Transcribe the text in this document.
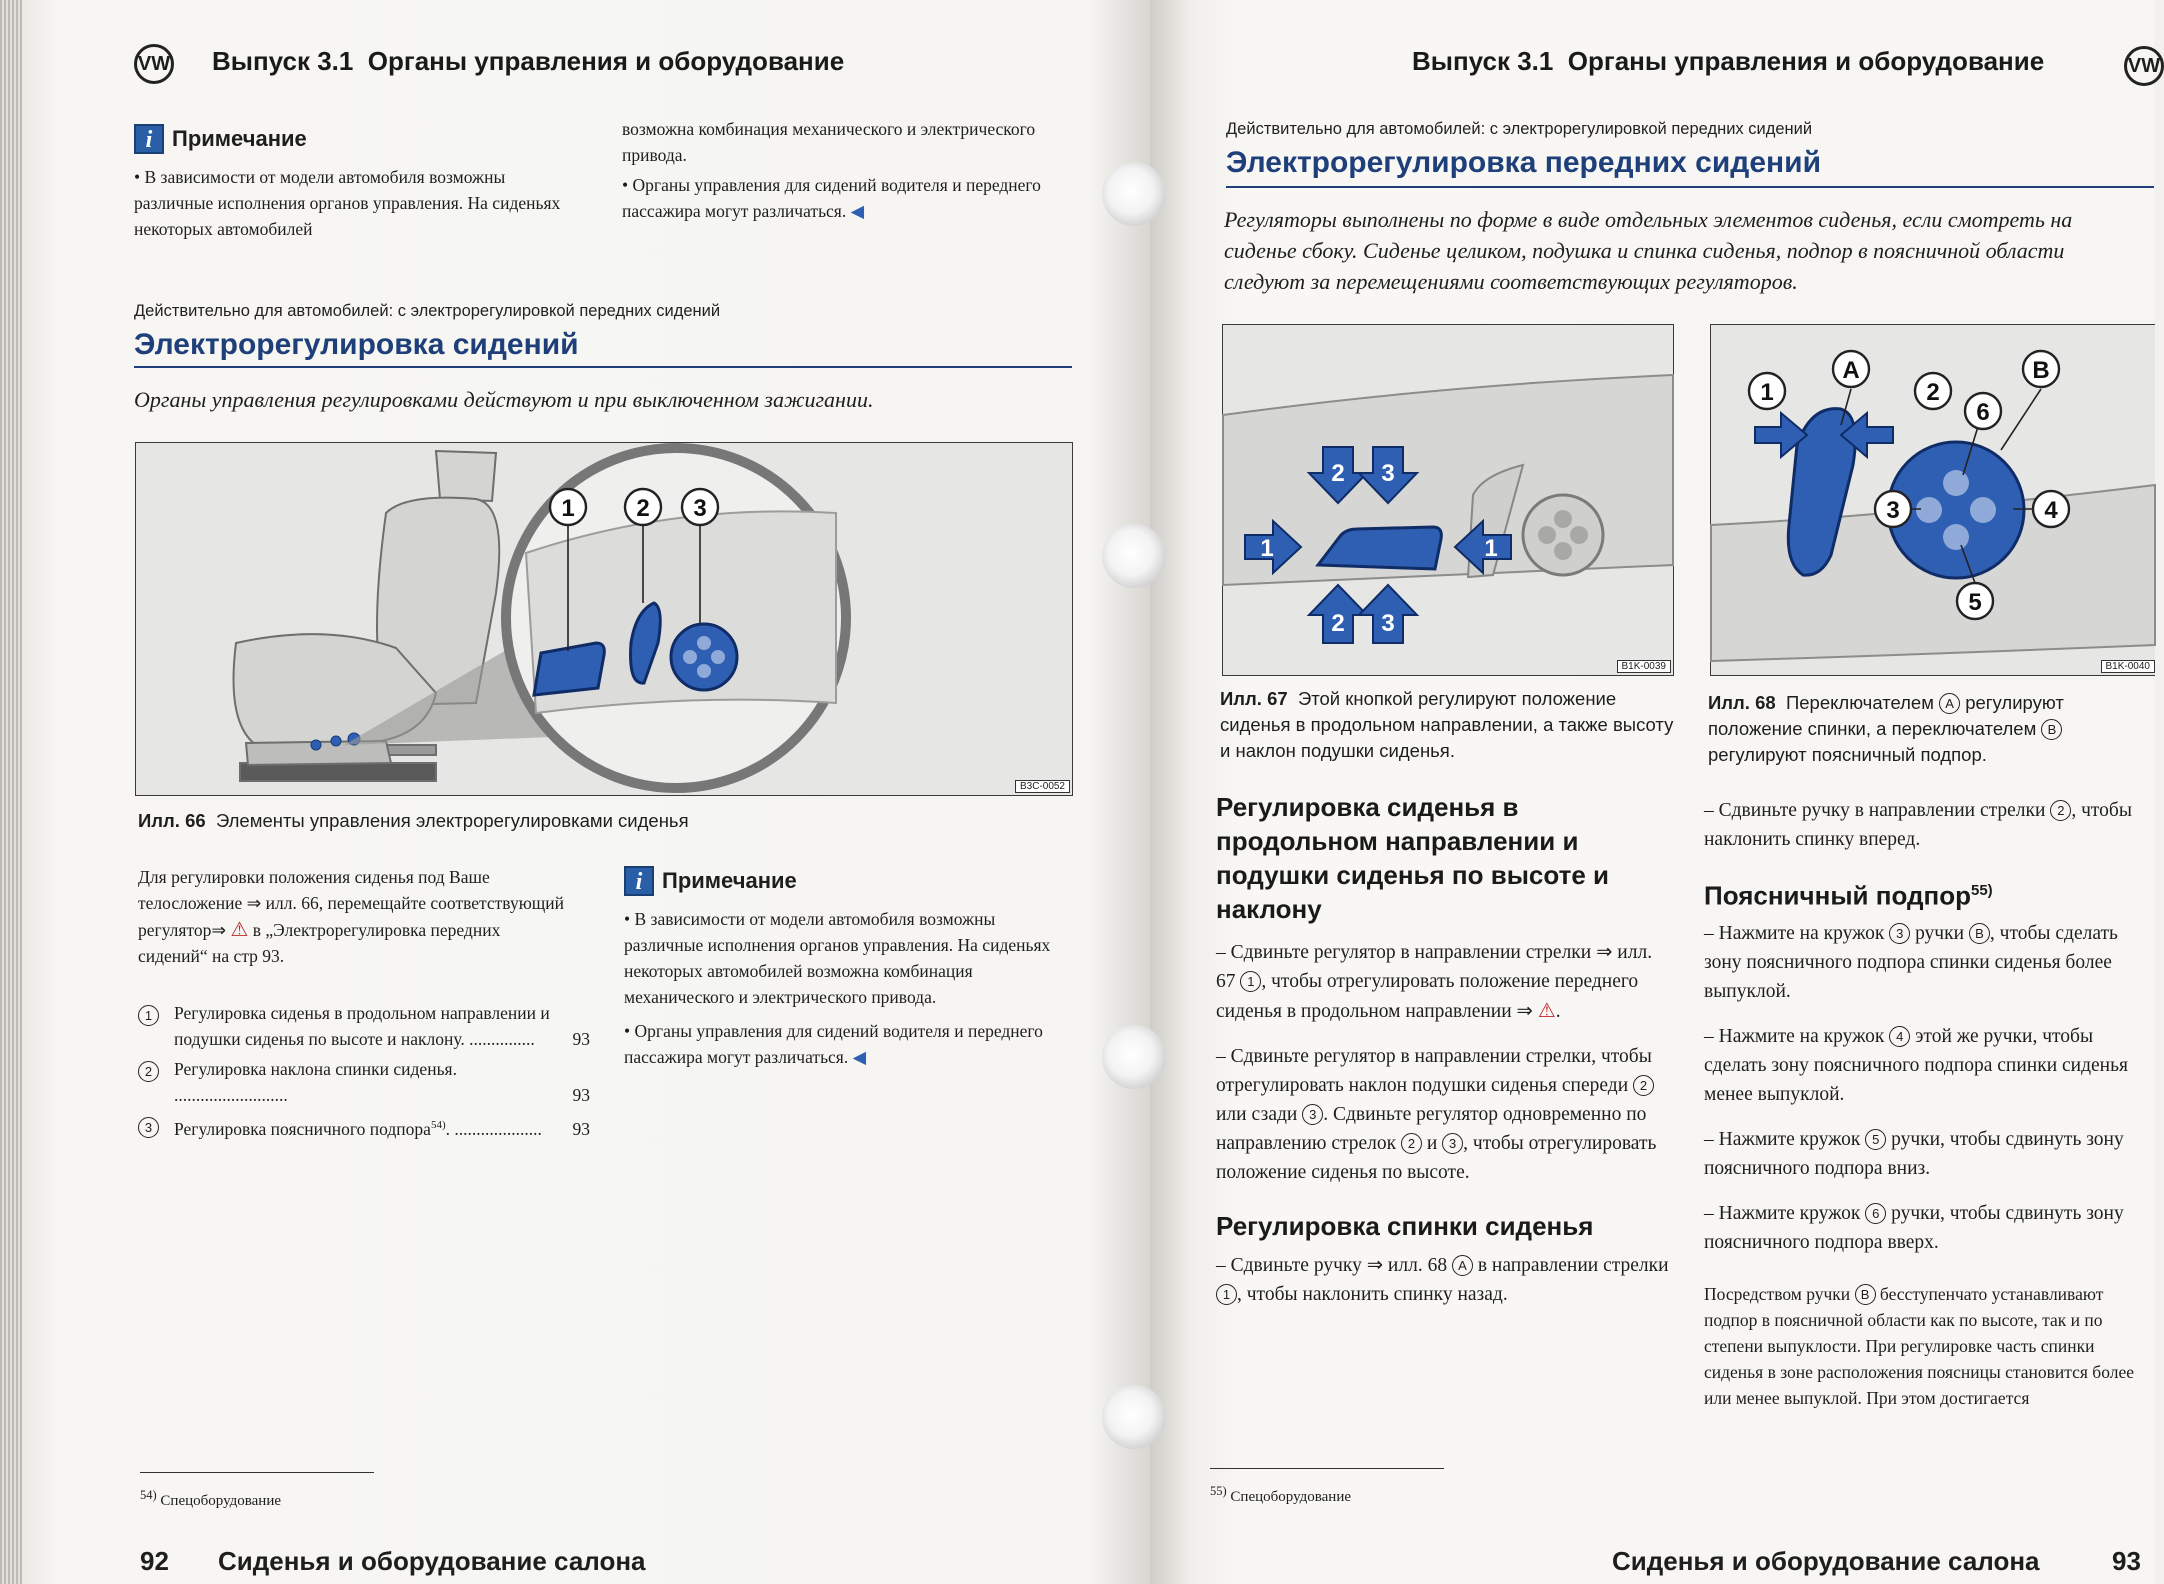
VW Выпуск 3.1  Органы управления и оборудование
i Примечание
• В зависимости от модели автомобиля возможны различные исполнения органов управления. На сиденьях некоторых автомобилей
возможна комбинация механического и электрического привода.
• Органы управления для сидений водителя и переднего пассажира могут различаться. ◀
Действительно для автомобилей: с электрорегулировкой передних сидений
Электрорегулировка сидений
Органы управления регулировками действуют и при выключенном зажигании.
1	2 3
B3C-0052
Илл. 66 Элементы управления электрорегулировками сиденья
Для регулировки положения сиденья под Ваше телосложение ⇒ илл. 66, перемещайте соответствующий регулятор⇒ ⚠ в „Электрорегулировка передних сидений“ на стр 93.
1	Регулировка сиденья в продольном направлении и подушки сиденья по высоте и наклону. ...............	93
2	Регулировка наклона спинки сиденья. ..........................	93
3	Регулировка поясничного подпора$^{54)}$. ....................	93
i Примечание
• В зависимости от модели автомобиля возможны различные исполнения органов управления. На сиденьях некоторых автомобилей возможна комбинация механического и электрического привода.
• Органы управления для сидений водителя и переднего пассажира могут различаться. ◀
$^{54)}$ Спецоборудование
92 Сиденья и оборудование салона
Выпуск 3.1  Органы управления и оборудование	VW
Действительно для автомобилей: с электрорегулировкой передних сидений
Электрорегулировка передних сидений
Регуляторы выполнены по форме в виде отдельных элементов сиденья, если смотреть на сиденье сбоку. Сиденье целиком, подушка и спинка сиденья, подпор в поясничной области следуют за перемещениями соответствующих регуляторов.
2 3
1	1
2 3
B1K-0039
1
A
2
B
6
3	4
5
B1K-0040
Илл. 67 Этой кнопкой регулируют положение сиденья в продольном направлении, а также высоту и наклон подушки сиденья.
Илл. 68 Переключателем A регулируют положение спинки, а переключателем B регулируют поясничный подпор.
Регулировка сиденья в продольном направлении и подушки сиденья по высоте и наклону
– Сдвиньте регулятор в направлении стрелки ⇒ илл. 67 1 , чтобы отрегулировать положение переднего сиденья в продольном направлении ⇒ ⚠.
– Сдвиньте регулятор в направлении стрелки, чтобы отрегулировать наклон подушки сиденья спереди 2 или сзади 3 . Сдвиньте регулятор одновременно по направлению стрелок 2 и 3 , чтобы отрегулировать положение сиденья по высоте.
Регулировка спинки сиденья
– Сдвиньте ручку ⇒ илл. 68 A в направлении стрелки 1 , чтобы наклонить спинку назад.
– Сдвиньте ручку в направлении стрелки 2 , чтобы наклонить спинку вперед.
Поясничный подпор$^{55)}$
– Нажмите на кружок 3 ручки B , чтобы сделать зону поясничного подпора спинки сиденья более выпуклой.
– Нажмите на кружок 4 этой же ручки, чтобы сделать зону поясничного подпора спинки сиденья менее выпуклой.
– Нажмите кружок 5 ручки, чтобы сдвинуть зону поясничного подпора вниз.
– Нажмите кружок 6 ручки, чтобы сдвинуть зону поясничного подпора вверх.
Посредством ручки B бесступенчато устанавливают подпор в поясничной области как по высоте, так и по степени выпуклости. При регулировке часть спинки сиденья в зоне расположения поясницы становится более или менее выпуклой. При этом достигается
$^{55)}$ Спецоборудование
Сиденья и оборудование салона	93
